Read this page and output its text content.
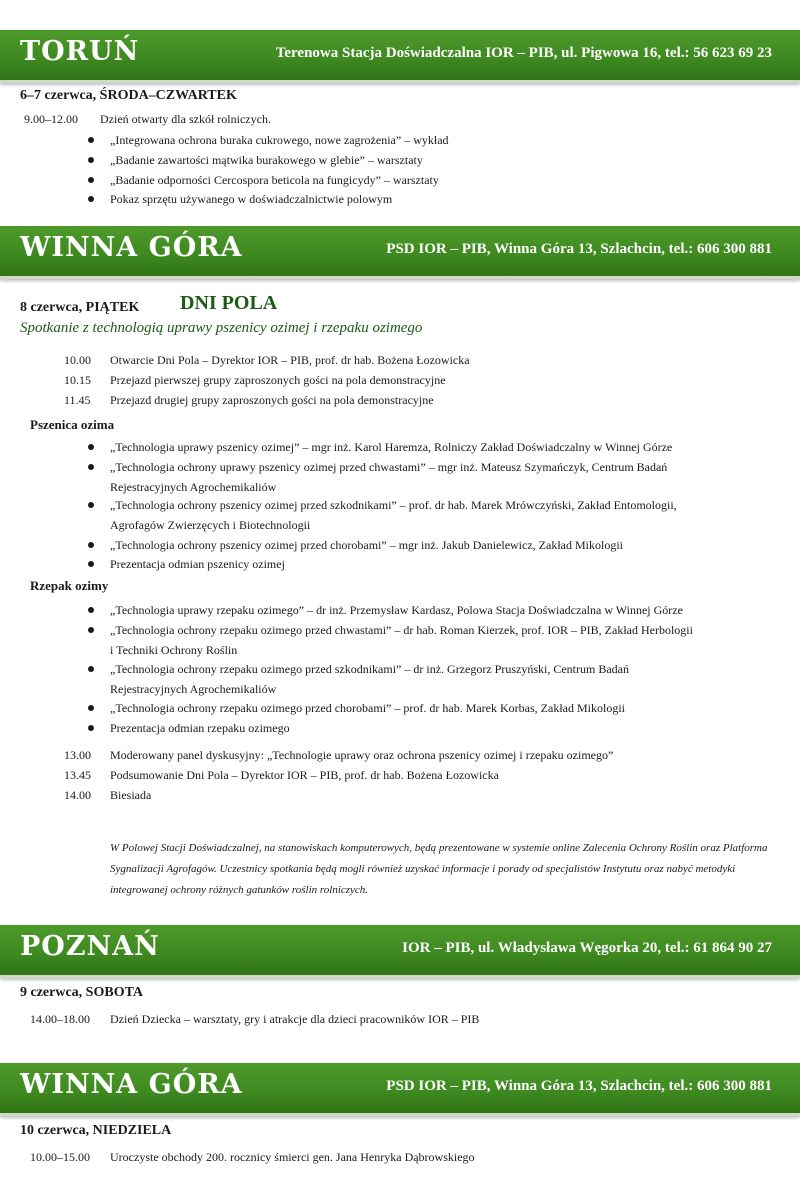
TORUŃ	Terenowa Stacja Doświadczalna IOR – PIB, ul. Pigwowa 16, tel.: 56 623 69 23
6–7 czerwca, ŚRODA–CZWARTEK
9.00–12.00 Dzień otwarty dla szkół rolniczych.
„Integrowana ochrona buraka cukrowego, nowe zagrożenia” – wykład
„Badanie zawartości mątwika burakowego w glebie” – warsztaty
„Badanie odporności Cercospora beticola na fungicydy” – warsztaty
Pokaz sprzętu używanego w doświadczalnictwie polowym
WINNA GÓRA	PSD IOR – PIB, Winna Góra 13, Szlachcin, tel.: 606 300 881
8 czerwca, PIĄTEK DNI POLA
Spotkanie z technologią uprawy pszenicy ozimej i rzepaku ozimego
10.00 Otwarcie Dni Pola – Dyrektor IOR – PIB, prof. dr hab. Bożena Łozowicka
10.15 Przejazd pierwszej grupy zaproszonych gości na pola demonstracyjne
11.45 Przejazd drugiej grupy zaproszonych gości na pola demonstracyjne
Pszenica ozima
„Technologia uprawy pszenicy ozimej” – mgr inż. Karol Haremza, Rolniczy Zakład Doświadczalny w Winnej Górze
„Technologia ochrony uprawy pszenicy ozimej przed chwastami” – mgr inż. Mateusz Szymańczyk, Centrum Badań
Rejestracyjnych Agrochemikaliów
„Technologia ochrony pszenicy ozimej przed szkodnikami” – prof. dr hab. Marek Mrówczyński, Zakład Entomologii,
Agrofagów Zwierzęcych i Biotechnologii
„Technologia ochrony pszenicy ozimej przed chorobami” – mgr inż. Jakub Danielewicz, Zakład Mikologii
Prezentacja odmian pszenicy ozimej
Rzepak ozimy
„Technologia uprawy rzepaku ozimego” – dr inż. Przemysław Kardasz, Polowa Stacja Doświadczalna w Winnej Górze
„Technologia ochrony rzepaku ozimego przed chwastami” – dr hab. Roman Kierzek, prof. IOR – PIB, Zakład Herbologii
i Techniki Ochrony Roślin
„Technologia ochrony rzepaku ozimego przed szkodnikami” – dr inż. Grzegorz Pruszyński, Centrum Badań
Rejestracyjnych Agrochemikaliów
„Technologia ochrony rzepaku ozimego przed chorobami” – prof. dr hab. Marek Korbas, Zakład Mikologii
Prezentacja odmian rzepaku ozimego
13.00 Moderowany panel dyskusyjny: „Technologie uprawy oraz ochrona pszenicy ozimej i rzepaku ozimego”
13.45 Podsumowanie Dni Pola – Dyrektor IOR – PIB, prof. dr hab. Bożena Łozowicka
14.00 Biesiada
W Polowej Stacji Doświadczalnej, na stanowiskach komputerowych, będą prezentowane w systemie online Zalecenia Ochrony Roślin oraz Platforma Sygnalizacji Agrofagów. Uczestnicy spotkania będą mogli również uzyskać informacje i porady od specjalistów Instytutu oraz nabyć metodyki integrowanej ochrony różnych gatunków roślin rolniczych.
POZNAŃ	IOR – PIB, ul. Władysława Węgorka 20, tel.: 61 864 90 27
9 czerwca, SOBOTA
14.00–18.00 Dzień Dziecka – warsztaty, gry i atrakcje dla dzieci pracowników IOR – PIB
WINNA GÓRA	PSD IOR – PIB, Winna Góra 13, Szlachcin, tel.: 606 300 881
10 czerwca, NIEDZIELA
10.00–15.00 Uroczyste obchody 200. rocznicy śmierci gen. Jana Henryka Dąbrowskiego
